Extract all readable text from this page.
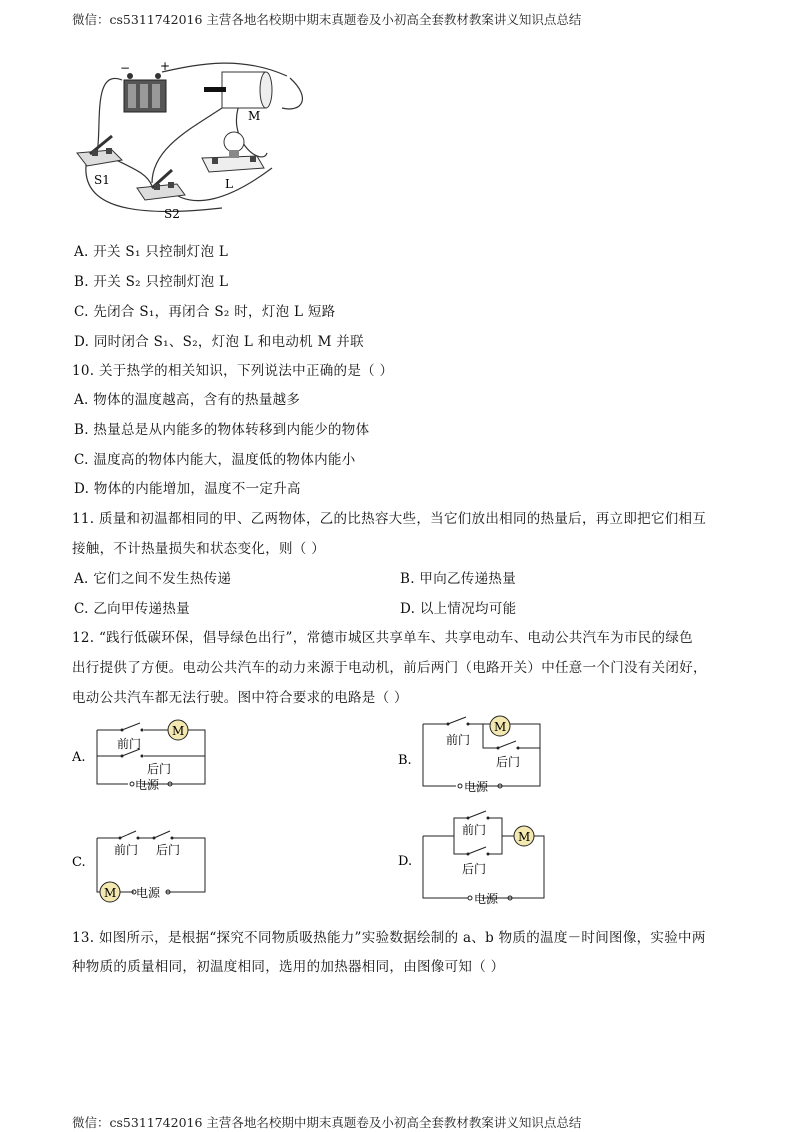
微信：cs5311742016 主营各地名校期中期末真题卷及小初高全套教材教案讲义知识点总结
− +
M
S1
S2
L
A. 开关 S₁ 只控制灯泡 L
B. 开关 S₂ 只控制灯泡 L
C. 先闭合 S₁，再闭合 S₂ 时，灯泡 L 短路
D. 同时闭合 S₁、S₂，灯泡 L 和电动机 M 并联
10. 关于热学的相关知识，下列说法中正确的是（ ）
A. 物体的温度越高，含有的热量越多
B. 热量总是从内能多的物体转移到内能少的物体
C. 温度高的物体内能大，温度低的物体内能小
D. 物体的内能增加，温度不一定升高
11. 质量和初温都相同的甲、乙两物体，乙的比热容大些，当它们放出相同的热量后，再立即把它们相互
接触，不计热量损失和状态变化，则（ ）
A. 它们之间不发生热传递	B. 甲向乙传递热量
C. 乙向甲传递热量	D. 以上情况均可能
12. “践行低碳环保，倡导绿色出行”，常德市城区共享单车、共享电动车、电动公共汽车为市民的绿色
出行提供了方便。电动公共汽车的动力来源于电动机，前后两门（电路开关）中任意一个门没有关闭好，
电动公共汽车都无法行驶。图中符合要求的电路是（ ）
M
前门
后门
电源
A.
M
前门
后门
电源
B.
前门 后门
M 电源
C.
M
前门
后门
电源
D.
13. 如图所示，是根据“探究不同物质吸热能力”实验数据绘制的 a、b 物质的温度－时间图像，实验中两
种物质的质量相同，初温度相同，选用的加热器相同，由图像可知（ ）
微信：cs5311742016 主营各地名校期中期末真题卷及小初高全套教材教案讲义知识点总结
